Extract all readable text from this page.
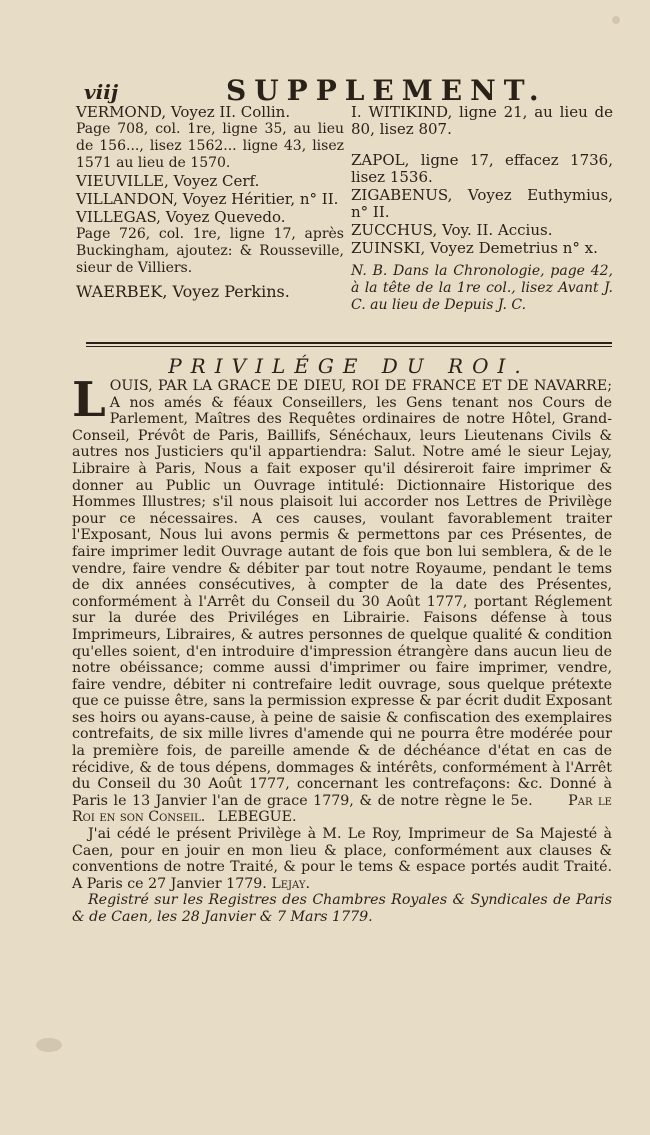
viij	SUPPLEMENT.

VERMOND, Voyez II. Collin.

Page 708, col. 1re, ligne 35, au lieu de 156..., lisez 1562... ligne 43, lisez 1571 au lieu de 1570.

VIEUVILLE, Voyez Cerf.

VILLANDON, Voyez Héritier, n° II.

VILLEGAS, Voyez Quevedo.

Page 726, col. 1re, ligne 17, après Buckingham, ajoutez: & Rousseville, sieur de Villiers.

WAERBEK, Voyez Perkins.

I. WITIKIND, ligne 21, au lieu de 80, lisez 807.

ZAPOL, ligne 17, effacez 1736, lisez 1536.

ZIGABENUS, Voyez Euthymius, n° II.

ZUCCHUS, Voy. II. Accius.

ZUINSKI, Voyez Demetrius n° x.

N. B. Dans la Chronologie, page 42, à la tête de la 1re col., lisez Avant J. C. au lieu de Depuis J. C.

PRIVILÉGE DU ROI.

LOUIS, PAR LA GRACE DE DIEU, ROI DE FRANCE ET DE NAVARRE; A nos amés & féaux Conseillers, les Gens tenant nos Cours de Parlement, Maîtres des Requêtes ordinaires de notre Hôtel, Grand-Conseil, Prévôt de Paris, Baillifs, Sénéchaux, leurs Lieutenans Civils & autres nos Justiciers qu'il appartiendra: Salut. Notre amé le sieur Lejay, Libraire à Paris, Nous a fait exposer qu'il désireroit faire imprimer & donner au Public un Ouvrage intitulé: Dictionnaire Historique des Hommes Illustres; s'il nous plaisoit lui accorder nos Lettres de Privilège pour ce nécessaires. A ces causes, voulant favorablement traiter l'Exposant, Nous lui avons permis & permettons par ces Présentes, de faire imprimer ledit Ouvrage autant de fois que bon lui semblera, & de le vendre, faire vendre & débiter par tout notre Royaume, pendant le tems de dix années consécutives, à compter de la date des Présentes, conformément à l'Arrêt du Conseil du 30 Août 1777, portant Réglement sur la durée des Priviléges en Librairie. Faisons défense à tous Imprimeurs, Libraires, & autres personnes de quelque qualité & condition qu'elles soient, d'en introduire d'impression étrangère dans aucun lieu de notre obéissance; comme aussi d'imprimer ou faire imprimer, vendre, faire vendre, débiter ni contrefaire ledit ouvrage, sous quelque prétexte que ce puisse être, sans la permission expresse & par écrit dudit Exposant ses hoirs ou ayans-cause, à peine de saisie & confiscation des exemplaires contrefaits, de six mille livres d'amende qui ne pourra être modérée pour la première fois, de pareille amende & de déchéance d'état en cas de récidive, & de tous dépens, dommages & intérêts, conformément à l'Arrêt du Conseil du 30 Août 1777, concernant les contrefaçons: &c. Donné à Paris le 13 Janvier l'an de grace 1779, & de notre règne le 5e.	Par le Roi en son Conseil. LEBEGUE.

J'ai cédé le présent Privilège à M. Le Roy, Imprimeur de Sa Majesté à Caen, pour en jouir en mon lieu & place, conformément aux clauses & conventions de notre Traité, & pour le tems & espace portés audit Traité. A Paris ce 27 Janvier 1779. Lejay.

Registré sur les Registres des Chambres Royales & Syndicales de Paris & de Caen, les 28 Janvier & 7 Mars 1779.
